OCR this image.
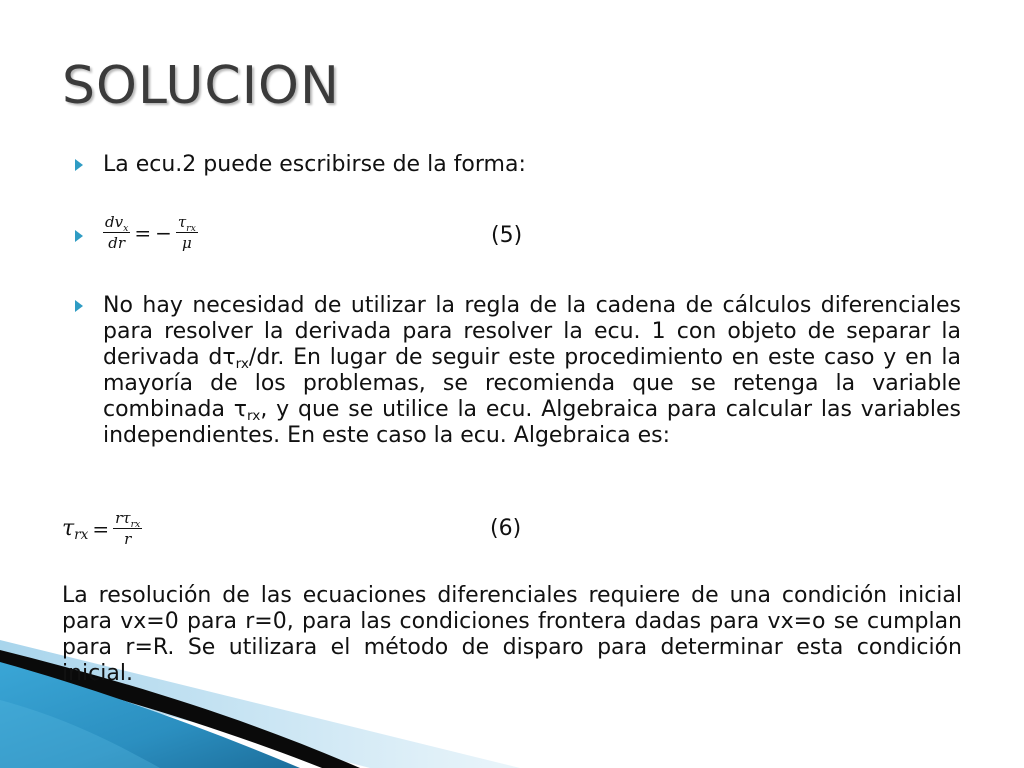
SOLUCION
La ecu.2 puede escribirse de la forma:
$\frac{dv_x}{dr}$ = − $\frac{\tau_{rx}}{\mu}$	(5)
No hay necesidad de utilizar la regla de la cadena de cálculos diferenciales para resolver la derivada para resolver la ecu. 1 con objeto de separar la derivada $d\tau_{rx}/dr$. En lugar de seguir este procedimiento en este caso y en la mayoría de los problemas, se recomienda que se retenga la variable combinada $\tau_{rx}$, y que se utilice la ecu. Algebraica para calcular las variables independientes. En este caso la ecu. Algebraica es:
$\tau_{rx} = \frac{r\tau_{rx}}{r}$	(6)
La resolución de las ecuaciones diferenciales requiere de una condición inicial para vx=0 para r=0, para las condiciones frontera dadas para vx=o se cumplan para r=R. Se utilizara el método de disparo para determinar esta condición inicial.
